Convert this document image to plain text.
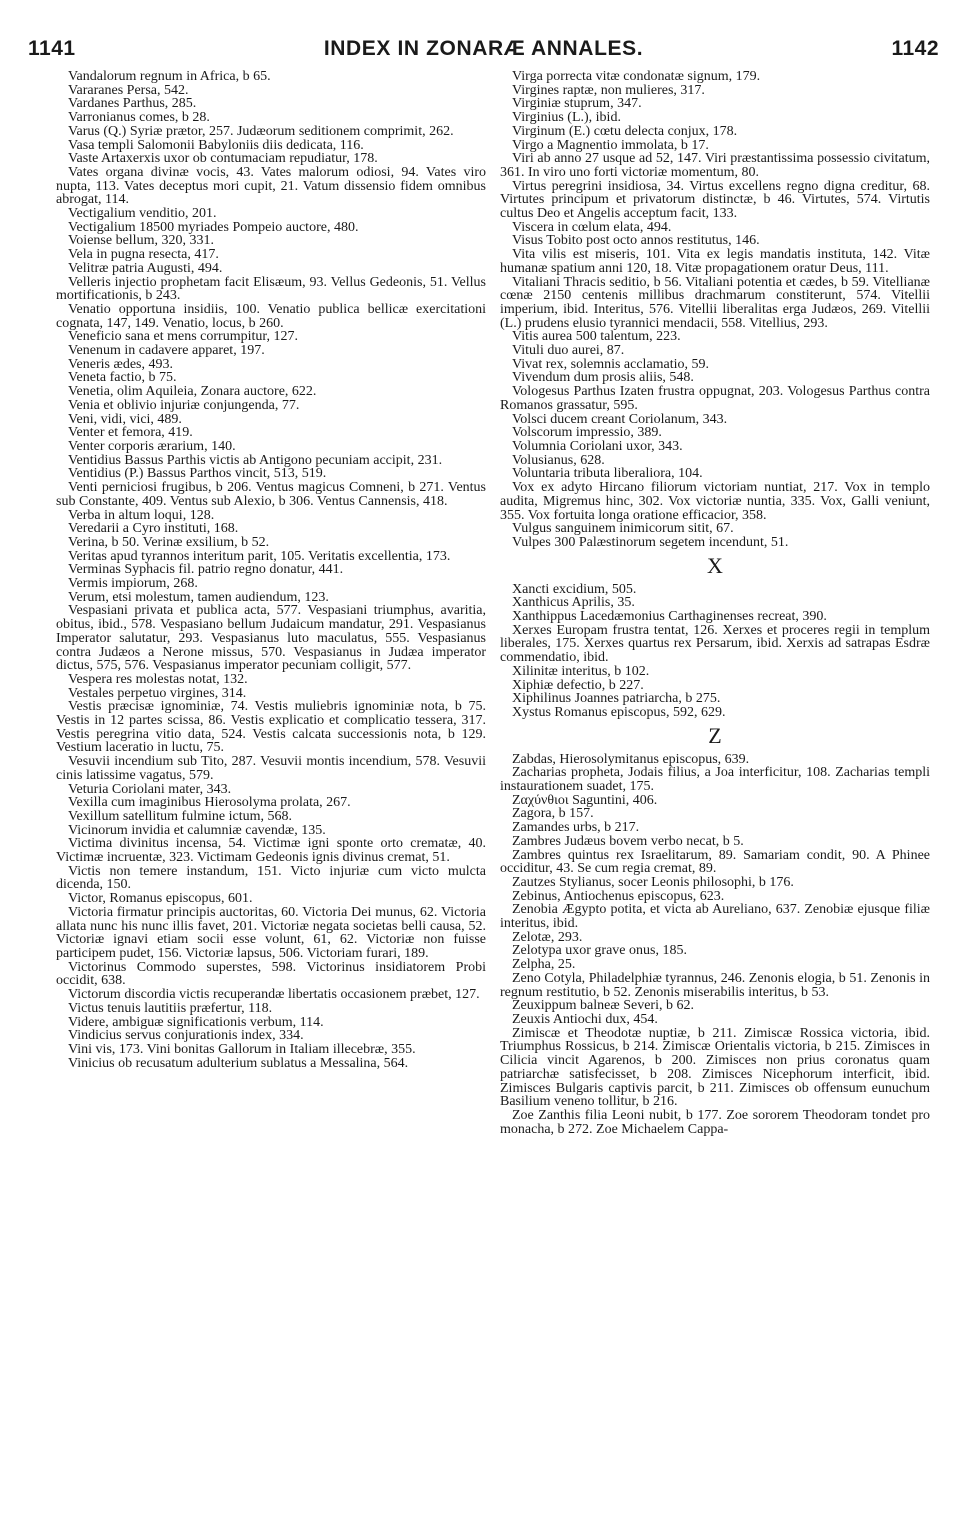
1141	INDEX IN ZONARÆ ANNALES.	1142
Vandalorum regnum in Africa, b 65.
Vararanes Persa, 542.
Vardanes Parthus, 285.
Varronianus comes, b 28.
Varus (Q.) Syriæ prætor, 257. Judæorum seditionem comprimit, 262.
Vasa templi Salomonii Babyloniis diis dedicata, 116.
Vaste Artaxerxis uxor ob contumaciam repudiatur, 178.
Vates organa divinæ vocis, 43. Vates malorum odiosi, 94. Vates viro nupta, 113. Vates deceptus mori cupit, 21. Vatum dissensio fidem omnibus abrogat, 114.
Vectigalium venditio, 201.
Vectigalium 18500 myriades Pompeio auctore, 480.
Voiense bellum, 320, 331.
Vela in pugna resecta, 417.
Velitræ patria Augusti, 494.
Velleris injectio prophetam facit Elisæum, 93. Vellus Gedeonis, 51. Vellus mortificationis, b 243.
Venatio opportuna insidiis, 100. Venatio publica bellicæ exercitationi cognata, 147, 149. Venatio, locus, b 260.
Veneficio sana et mens corrumpitur, 127.
Venenum in cadavere apparet, 197.
Veneris ædes, 493.
Veneta factio, b 75.
Venetia, olim Aquileia, Zonara auctore, 622.
Venia et oblivio injuriæ conjungenda, 77.
Veni, vidi, vici, 489.
Venter et femora, 419.
Venter corporis ærarium, 140.
Ventidius Bassus Parthis victis ab Antigono pecuniam accipit, 231.
Ventidius (P.) Bassus Parthos vincit, 513, 519.
Venti perniciosi frugibus, b 206. Ventus magicus Comneni, b 271. Ventus sub Constante, 409. Ventus sub Alexio, b 306. Ventus Cannensis, 418.
Verba in altum loqui, 128.
Veredarii a Cyro instituti, 168.
Verina, b 50. Verinæ exsilium, b 52.
Veritas apud tyrannos interitum parit, 105. Veritatis excellentia, 173.
Verminas Syphacis fil. patrio regno donatur, 441.
Vermis impiorum, 268.
Verum, etsi molestum, tamen audiendum, 123.
Vespasiani privata et publica acta, 577. Vespasiani triumphus, avaritia, obitus, ibid., 578. Vespasiano bellum Judaicum mandatur, 291. Vespasianus Imperator salutatur, 293. Vespasianus luto maculatus, 555. Vespasianus contra Judæos a Nerone missus, 570. Vespasianus in Judæa imperator dictus, 575, 576. Vespasianus imperator pecuniam colligit, 577.
Vespera res molestas notat, 132.
Vestales perpetuo virgines, 314.
Vestis præcisæ ignominiæ, 74. Vestis muliebris ignominiæ nota, b 75. Vestis in 12 partes scissa, 86. Vestis explicatio et complicatio tessera, 317. Vestis peregrina vitio data, 524. Vestis calcata successionis nota, b 129. Vestium laceratio in luctu, 75.
Vesuvii incendium sub Tito, 287. Vesuvii montis incendium, 578. Vesuvii cinis latissime vagatus, 579.
Veturia Coriolani mater, 343.
Vexilla cum imaginibus Hierosolyma prolata, 267.
Vexillum satellitum fulmine ictum, 568.
Vicinorum invidia et calumniæ cavendæ, 135.
Victima divinitus incensa, 54. Victimæ igni sponte orto crematæ, 40. Victimæ incruentæ, 323. Victimam Gedeonis ignis divinus cremat, 51.
Victis non temere instandum, 151. Victo injuriæ cum victo mulcta dicenda, 150.
Victor, Romanus episcopus, 601.
Victoria firmatur principis auctoritas, 60. Victoria Dei munus, 62. Victoria allata nunc his nunc illis favet, 201. Victoriæ negata societas belli causa, 52. Victoriæ ignavi etiam socii esse volunt, 61, 62. Victoriæ non fuisse participem pudet, 156. Victoriæ lapsus, 506. Victoriam furari, 189.
Victorinus Commodo superstes, 598. Victorinus insidiatorem Probi occidit, 638.
Victorum discordia victis recuperandæ libertatis occasionem præbet, 127.
Victus tenuis lautitiis præfertur, 118.
Videre, ambiguæ significationis verbum, 114.
Vindicius servus conjurationis index, 334.
Vini vis, 173. Vini bonitas Gallorum in Italiam illecebræ, 355.
Vinicius ob recusatum adulterium sublatus a Messalina, 564.
Virga porrecta vitæ condonatæ signum, 179.
Virgines raptæ, non mulieres, 317.
Virginiæ stuprum, 347.
Virginius (L.), ibid.
Virginum (E.) cœtu delecta conjux, 178.
Virgo a Magnentio immolata, b 17.
Viri ab anno 27 usque ad 52, 147. Viri præstantissima possessio civitatum, 361. In viro uno forti victoriæ momentum, 80.
Virtus peregrini insidiosa, 34. Virtus excellens regno digna creditur, 68. Virtutes principum et privatorum distinctæ, b 46. Virtutes, 574. Virtutis cultus Deo et Angelis acceptum facit, 133.
Viscera in cœlum elata, 494.
Visus Tobito post octo annos restitutus, 146.
Vita vilis est miseris, 101. Vita ex legis mandatis instituta, 142. Vitæ humanæ spatium anni 120, 18. Vitæ propagationem oratur Deus, 111.
Vitaliani Thracis seditio, b 56. Vitaliani potentia et cædes, b 59. Vitellianæ cœnæ 2150 centenis millibus drachmarum constiterunt, 574. Vitellii imperium, ibid. Interitus, 576. Vitellii liberalitas erga Judæos, 269. Vitellii (L.) prudens elusio tyrannici mendacii, 558. Vitellius, 293.
Vitis aurea 500 talentum, 223.
Vituli duo aurei, 87.
Vivat rex, solemnis acclamatio, 59.
Vivendum dum prosis aliis, 548.
Vologesus Parthus Izaten frustra oppugnat, 203. Vologesus Parthus contra Romanos grassatur, 595.
Volsci ducem creant Coriolanum, 343.
Volscorum impressio, 389.
Volumnia Coriolani uxor, 343.
Volusianus, 628.
Voluntaria tributa liberaliora, 104.
Vox ex adyto Hircano filiorum victoriam nuntiat, 217. Vox in templo audita, Migremus hinc, 302. Vox victoriæ nuntia, 335. Vox, Galli veniunt, 355. Vox fortuita longa oratione efficacior, 358.
Vulgus sanguinem inimicorum sitit, 67.
Vulpes 300 Palæstinorum segetem incendunt, 51.
X
Xancti excidium, 505.
Xanthicus Aprilis, 35.
Xanthippus Lacedæmonius Carthaginenses recreat, 390.
Xerxes Europam frustra tentat, 126. Xerxes et proceres regii in templum liberales, 175. Xerxes quartus rex Persarum, ibid. Xerxis ad satrapas Esdræ commendatio, ibid.
Xilinitæ interitus, b 102.
Xiphiæ defectio, b 227.
Xiphilinus Joannes patriarcha, b 275.
Xystus Romanus episcopus, 592, 629.
Z
Zabdas, Hierosolymitanus episcopus, 639.
Zacharias propheta, Jodais filius, a Joa interficitur, 108. Zacharias templi instaurationem suadet, 175.
Ζαχύνθιοι Saguntini, 406.
Zagora, b 157.
Zamandes urbs, b 217.
Zambres Judæus bovem verbo necat, b 5.
Zambres quintus rex Israelitarum, 89. Samariam condit, 90. A Phinee occiditur, 43. Se cum regia cremat, 89.
Zautzes Stylianus, socer Leonis philosophi, b 176.
Zebinus, Antiochenus episcopus, 623.
Zenobia Ægypto potita, et victa ab Aureliano, 637. Zenobiæ ejusque filiæ interitus, ibid.
Zelotæ, 293.
Zelotypa uxor grave onus, 185.
Zelpha, 25.
Zeno Cotyla, Philadelphiæ tyrannus, 246. Zenonis elogia, b 51. Zenonis in regnum restitutio, b 52. Zenonis miserabilis interitus, b 53.
Zeuxippum balneæ Severi, b 62.
Zeuxis Antiochi dux, 454.
Zimiscæ et Theodotæ nuptiæ, b 211. Zimiscæ Rossica victoria, ibid. Triumphus Rossicus, b 214. Zimiscæ Orientalis victoria, b 215. Zimisces in Cilicia vincit Agarenos, b 200. Zimisces non prius coronatus quam patriarchæ satisfecisset, b 208. Zimisces Nicephorum interficit, ibid. Zimisces Bulgaris captivis parcit, b 211. Zimisces ob offensum eunuchum Basilium veneno tollitur, b 216.
Zoe Zanthis filia Leoni nubit, b 177. Zoe sororem Theodoram tondet pro monacha, b 272. Zoe Michaelem Cappa-
